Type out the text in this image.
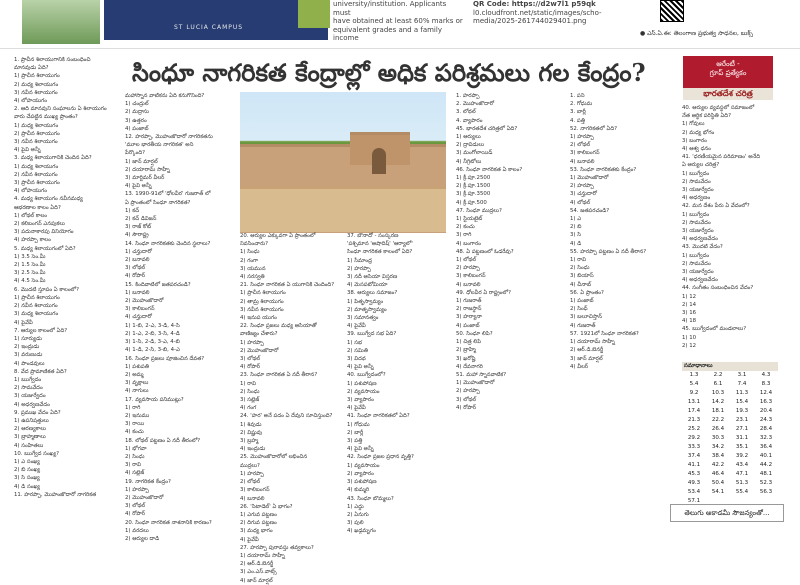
ST LUCIA CAMPUS
university/institution. Applicants must
have obtained at least 60% marks or
equivalent grades and a family income
QR Code: https://d2w7l1 p59qk
l0.cloudfront.net/static/images/scho-
media/2025-261744029401.png
● ఎస్.ఏ.ఈ: తెలంగాణ ప్రభుత్వ సాధనల, బుక్స్
సింధూ నాగరికత కేంద్రాల్లో అధిక పరిశ్రమలు గల కేంద్రం?	ఆరేంటీ -
గ్రూప్ ప్రత్యేకం
భారతదేశ చరిత్ర
1. ప్రాచీన శిలాయుగానికి సంబంధించి
మానవుడు ఏది?
1) ప్రాచీన శిలాయుగం
2) మధ్య శిలాయుగం
3) నవీన శిలాయుగం
4) లోహయుగం
2. ఆది మానవుని సంఘాలను ఏ శిలాయుగం
వారు చేపట్టిన ముఖ్య ప్రాంతం?
1) మధ్య శిలాయుగం
2) ప్రాచీన శిలాయుగం
3) నవీన శిలాయుగం
4) పైవి అన్నీ
3. మధ్య శిలాయుగానికి చెందిన ఏది?
1) మధ్య శిలాయుగం
2) నవీన శిలాయుగం
3) ప్రాచీన శిలాయుగం
4) లోహయుగం
4. మధ్య శిలాయుగం నవీనమధ్య
ఆభరణాల కాలం ఏది?
1) లోథల్ కాలం
2) కలిబంగన్ ఎనపుకలు
3) పదునాకారపు వినియోగం
4) హరప్పా కాలం
5. మధ్య శిలాయుగంలో ఏది?
1) 3.5 సెం.మీ
2) 1.5 సెం.మీ
3) 2.5 సెం.మీ
4) 4.5 సెం.మీ
6. మొదటి స్తూపం ఏ కాలంలో?
1) ప్రాచీన శిలాయుగం
2) నవీన శిలాయుగం
3) మధ్య శిలాయుగం
4) పైవేవీ
7. ఆర్యుల కాలంలో ఏది?
1) సూర్యుడు
2) ఇంద్రుడు
3) వరుణుడు
4) పాండవులు
8. వేద ప్రామాణికత ఏది?
1) ఋగ్వేదం
2) సామవేదం
3) యజుర్వేదం
4) అధర్వణవేదం
9. ప్రముఖ వేదం ఏది?
1) ఉపనిషత్తులు
2) ఆరణ్యకాలు
3) బ్రాహ్మణాలు
4) సంహితలు
10. ఋగ్వేద సంఖ్య?
1) ఎ సంఖ్య
2) బి సంఖ్య
3) సి సంఖ్య
4) డి సంఖ్య
11. హరప్పా, మొహంజొదారో నాగరికత
మహాస్నాన వాటికను ఏది కనుగొనింది?
1) చంద్రుల్
2) మద్రాసు
3) ఉత్తరం
4) పంజాబ్
12. హరప్పా, మొహంజొదారో నాగరికతను
'మూల భారతీయ నాగరికత' అని
పేర్కొంది?
1) జాన్ మార్షల్
2) దయారామ్ సాహ్నీ
3) మార్టిమర్ వీలర్
4) పైవి అన్నీ
13. 1990-91లో 'ధోలవీర' గుజరాత్ లో
ఏ ప్రాంతంలో సింధూ నాగరికత?
1) కచ్
2) కచ్ డివిజన్
3) రాజ్ కోట్
4) సౌరాష్ట్ర
14. సింధూ నాగరికతకు చెందిన స్థలాలు?
1) చన్హుదారో
2) బనావలి
3) లోథల్
4) రోపార్
15. కిందివాటిలో జతపరచండి?
1) బనావలి
2) మొహంజొదారో
3) కాలిబంగన్
4) చన్హుదారో
1) 1-బి, 2-ఎ, 3-డి, 4-సి
2) 1-ఎ, 2-బి, 3-సి, 4-డి
3) 1-సి, 2-డి, 3-ఎ, 4-బి
4) 1-డి, 2-సి, 3-బి, 4-ఎ
16. సింధూ ప్రజలు పూజించిన దేవత?
1) పశుపతి
2) అమ్మ
3) వృక్షాలు
4) నాగులు
17. వ్యవసాయ పనిముట్లు?
1) రాగి
2) ఇనుము
3) రాయి
4) కంచు
18. లోథల్ పట్టణం ఏ నదీ తీరంలో?
1) భోగవా
2) సింధు
3) రావి
4) సట్లెజ్
19. నాగరికత కేంద్రం?
1) హరప్పా
2) మొహంజొదారో
3) లోథల్
4) రోపార్
20. సింధూ నాగరికత నాశనానికి కారణం?
1) వరదలు
2) ఆర్యుల దాడి
20. ఆర్యుల ఎక్కువగా ఏ ప్రాంతంలో
నివసించారు?
1) సింధు
2) గంగా
3) యమున
4) సరస్వతి
21. సింధూ నాగరికత ఏ యుగానికి చెందింది?
1) ప్రాచీన శిలాయుగం
2) తామ్ర శిలాయుగం
3) నవీన శిలాయుగం
4) ఇనుప యుగం
22. సింధూ ప్రజలు మధ్య ఆసియాతో
వాణిజ్యం చేశారు?
1) హరప్పా
2) మొహంజొదారో
3) లోథల్
4) రోపార్
23. సింధూ నాగరికత ఏ నదీ తీరాన?
1) రావి
2) సింధు
3) సట్లెజ్
4) గంగ
24. 'హర' అనే పదం ఏ దేవుని సూచిస్తుంది?
1) శివుడు
2) విష్ణువు
3) బ్రహ్మ
4) ఇంద్రుడు
25. మొహంజొదారోలో లభించిన
ముద్రలు?
1) హరప్పా
2) లోథల్
3) కాలిబంగన్
4) బనావలి
26. 'సిటాడెల్' ఏ భాగం?
1) ఎగువ పట్టణం
2) దిగువ పట్టణం
3) మధ్య భాగం
4) పైవేవీ
27. హరప్పా పురావస్తు తవ్వకాలు?
1) దయారామ్ సాహ్నీ
2) ఆర్.డి.బెనర్జీ
3) ఎం.ఎస్.వాట్స్
4) జాన్ మార్షల్
37. బౌనాదో - సంస్కరణ
'పశ్చిమాన 'ఆషాదిష్' 'ఆర్యాలో'
సింధూ నాగరికత కాలంలో ఏది?
1) సీమాంధ్ర
2) హరప్పా
3) నదీ ఆసియా విస్తరణ
4) మెసపటోమియా
38. ఆర్యులు సమాజం?
1) పితృస్వామ్యం
2) మాతృస్వామ్యం
3) సమానత్వం
4) పైవేవీ
39. ఋగ్వేద సభ ఏది?
1) సభ
2) సమితి
3) విదథ
4) పైవి అన్నీ
40. ఋగ్వేదంలో?
1) పశుపోషణ
2) వ్యవసాయం
3) వ్యాపారం
4) పైవేవీ
41. సింధూ నాగరికతలో ఏది?
1) గోధుమ
2) బార్లీ
3) పత్తి
4) పైవి అన్నీ
42. సింధూ ప్రజల ప్రధాన వృత్తి?
1) వ్యవసాయం
2) వ్యాపారం
3) పశుపోషణ
4) కుమ్మరి
43. సింధూ బొమ్మలు?
1) ఎద్దు
2) ఏనుగు
3) పులి
4) ఖడ్గమృగం
1. హరప్పా
2. మొహంజొదారో
3. లోథల్
4. వ్యాపారం
45. భారతదేశ చరిత్రలో ఏది?
1) ఆర్యులు
2) ద్రావిడులు
3) మంగోలాయిడ్
4) నీగ్రిటోలు
46. సింధూ నాగరికత ఏ కాలం?
1) క్రీ.పూ.2500
2) క్రీ.పూ.1500
3) క్రీ.పూ.3500
4) క్రీ.పూ.500
47. సింధూ ముద్రలు?
1) స్టియటైట్
2) కంచు
3) రాగి
4) బంగారం
48. ఏ పట్టణంలో ఓడరేవు?
1) లోథల్
2) హరప్పా
3) కాలిబంగన్
4) బనావలి
49. ధోలవీర ఏ రాష్ట్రంలో?
1) గుజరాత్
2) రాజస్థాన్
3) హర్యానా
4) పంజాబ్
50. సింధూ లిపి?
1) చిత్ర లిపి
2) బ్రాహ్మి
3) ఖరోష్టి
4) దేవనాగరి
51. మహా స్నానవాటిక?
1) మొహంజొదారో
2) హరప్పా
3) లోథల్
4) రోపార్
1. పని
2. గోధుమ
3. బార్లీ
4. పత్తి
52. నాగరికతలో ఏది?
1) హరప్పా
2) లోథల్
3) కాలిబంగన్
4) బనావలి
53. సింధూ నాగరికతకు కేంద్రం?
1) మొహంజొదారో
2) హరప్పా
3) చన్హుదారో
4) లోథల్
54. జతపరచండి?
1) ఎ
2) బి
3) సి
4) డి
55. హరప్పా పట్టణం ఏ నదీ తీరాన?
1) రావి
2) సింధు
3) బియాస్
4) చీనాబ్
56. ఏ ప్రాంతం?
1) పంజాబ్
2) సింధ్
3) బలూచిస్తాన్
4) గుజరాత్
57. 1921లో సింధూ నాగరికత?
1) దయారామ్ సాహ్నీ
2) ఆర్.డి.బెనర్జీ
3) జాన్ మార్షల్
4) వీలర్
40. ఆర్యుల వ్యవస్థలో సమాజంలో
నేత ఆర్థిక పరిస్థితి ఏది?
1) గోవులు
2) మధ్య భోగం
3) బంగారం
4) ఆశ్వ ధనం
41. 'ధరణీయమైన పరిమాణం' అనేది
ఏ ఆర్యుల చరిత్ర?
1) ఋగ్వేదం
2) సామవేదం
3) యజుర్వేదం
4) అధర్వణం
42. మన దేశం పేరు ఏ వేదంలో?
1) ఋగ్వేదం
2) సామవేదం
3) యజుర్వేదం
4) అధర్వణవేదం
43. మొదటి వేదం?
1) ఋగ్వేదం
2) సామవేదం
3) యజుర్వేదం
4) అధర్వణవేదం
44. సంగీతం సంబంధించిన వేదం?
1) 12
2) 14
3) 16
4) 18
45. ఋగ్వేదంలో మండలాలు?
1) 10
2) 12
సమాధానాలు
1.3	2.2	3.1	4.3
5.4	6.1	7.4	8.3
9.2	10.3	11.3	12.4
13.1	14.2	15.4	16.3
17.4	18.1	19.3	20.4
21.3	22.2	23.1	24.3
25.2	26.4	27.1	28.4
29.2	30.3	31.1	32.3
33.3	34.2	35.1	36.4
37.4	38.4	39.2	40.1
41.1	42.2	43.4	44.2
45.3	46.4	47.1	48.1
49.3	50.4	51.3	52.3
53.4	54.1	55.4	56.3
57.1			
తెలుగు అకాడమీ సౌజన్యంతో...
